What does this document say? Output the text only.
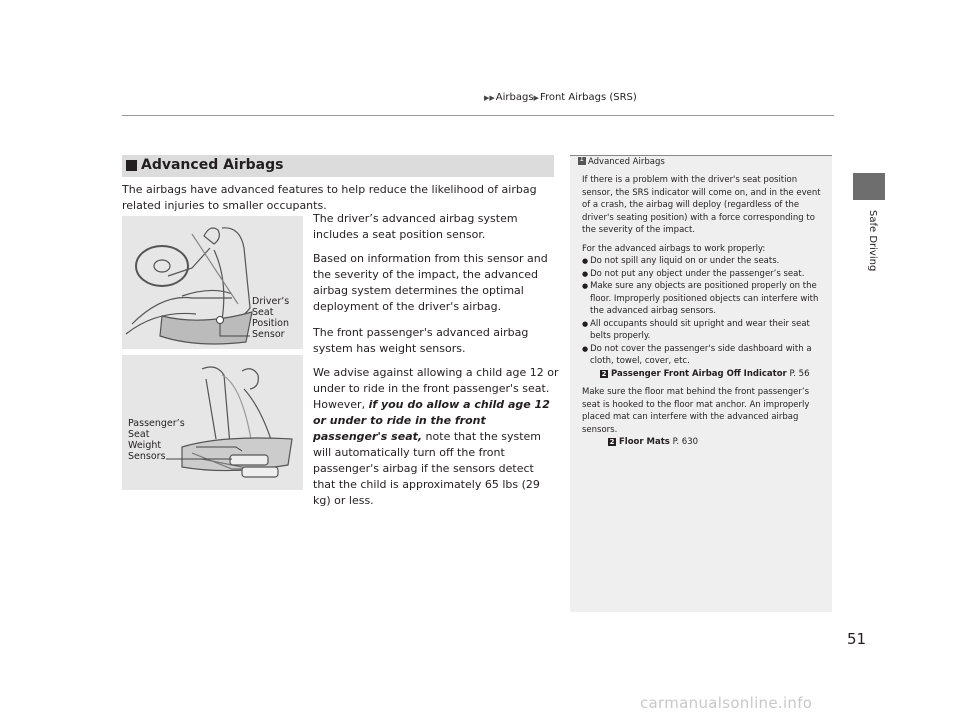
▶▶Airbags▶Front Airbags (SRS)
Safe Driving
Advanced Airbags
The airbags have advanced features to help reduce the likelihood of airbag related injuries to smaller occupants.
Driver’s
Seat
Position
Sensor
Passenger’s
Seat
Weight
Sensors

The driver’s advanced airbag system includes a seat position sensor.

Based on information from this sensor and the severity of the impact, the advanced airbag system determines the optimal deployment of the driver's airbag.

The front passenger's advanced airbag system has weight sensors.

We advise against allowing a child age 12 or under to ride in the front passenger's seat. However, if you do allow a child age 12 or under to ride in the front passenger's seat, note that the system will automatically turn off the front passenger's airbag if the sensors detect that the child is approximately 65 lbs (29 kg) or less.

1Advanced Airbags

If there is a problem with the driver's seat position sensor, the SRS indicator will come on, and in the event of a crash, the airbag will deploy (regardless of the driver's seating position) with a force corresponding to the severity of the impact.

For the advanced airbags to work properly:

● Do not spill any liquid on or under the seats.
● Do not put any object under the passenger’s seat.
● Make sure any objects are positioned properly on the floor. Improperly positioned objects can interfere with the advanced airbag sensors.
● All occupants should sit upright and wear their seat belts properly.
● Do not cover the passenger's side dashboard with a cloth, towel, cover, etc.
2 Passenger Front Airbag Off Indicator P. 56

Make sure the floor mat behind the front passenger’s seat is hooked to the floor mat anchor. An improperly placed mat can interfere with the advanced airbag sensors.

2 Floor Mats P. 630
51
carmanualsonline.info
